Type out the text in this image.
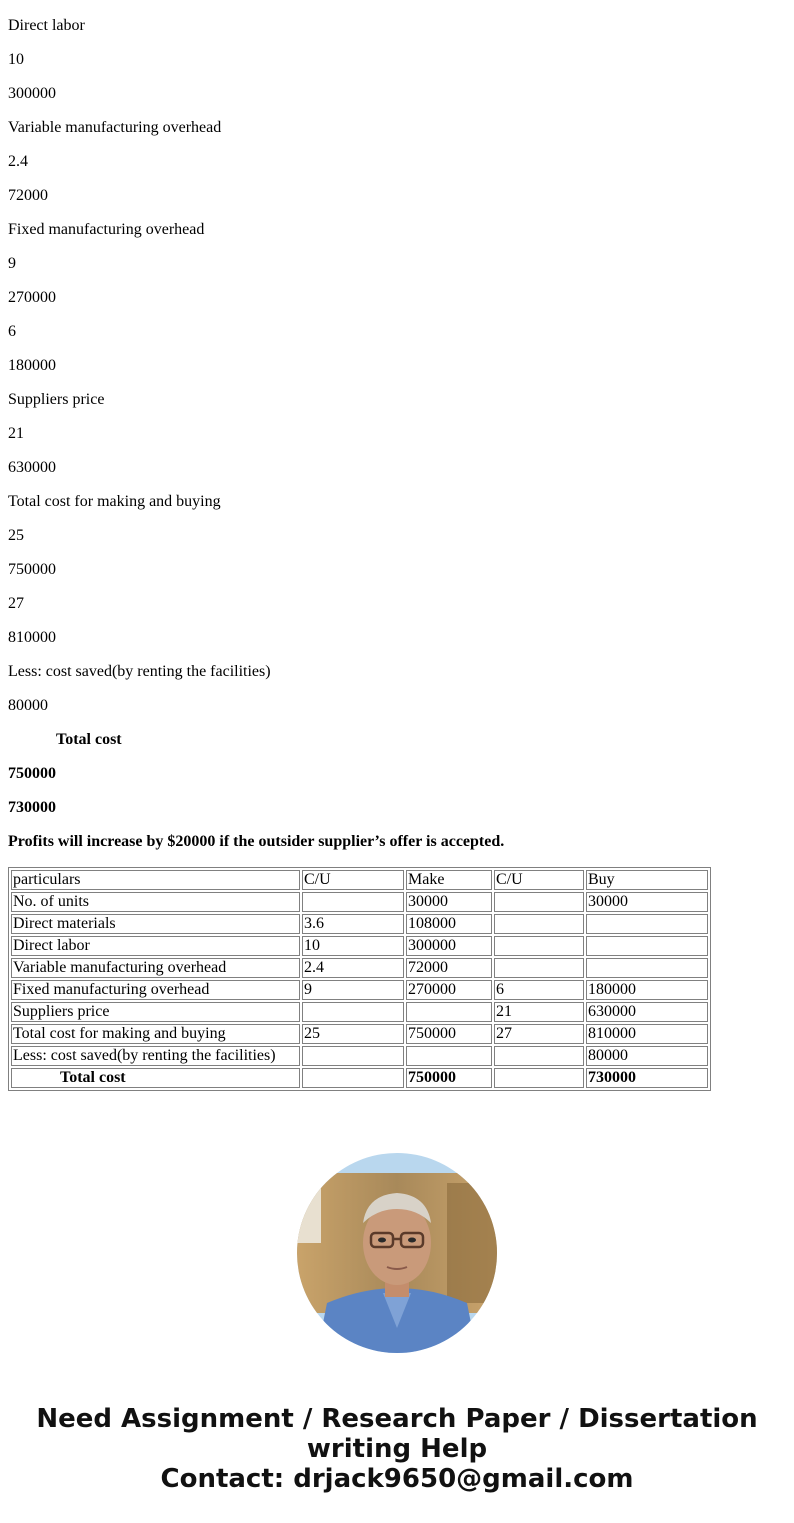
Direct labor

10

300000

Variable manufacturing overhead

2.4

72000

Fixed manufacturing overhead

9

270000

6

180000

Suppliers price

21

630000

Total cost for making and buying

25

750000

27

810000

Less: cost saved(by renting the facilities)

80000

Total cost

750000

730000

Profits will increase by $20000 if the outsider supplier’s offer is accepted.

particulars	C/U	Make	C/U	Buy
No. of units		30000		30000
Direct materials	3.6	108000		
Direct labor	10	300000		
Variable manufacturing overhead	2.4	72000		
Fixed manufacturing overhead	9	270000	6	180000
Suppliers price			21	630000
Total cost for making and buying	25	750000	27	810000
Less: cost saved(by renting the facilities)				80000
Total cost		750000		730000
Need Assignment / Research Paper / Dissertation writing Help
Contact: drjack9650@gmail.com
